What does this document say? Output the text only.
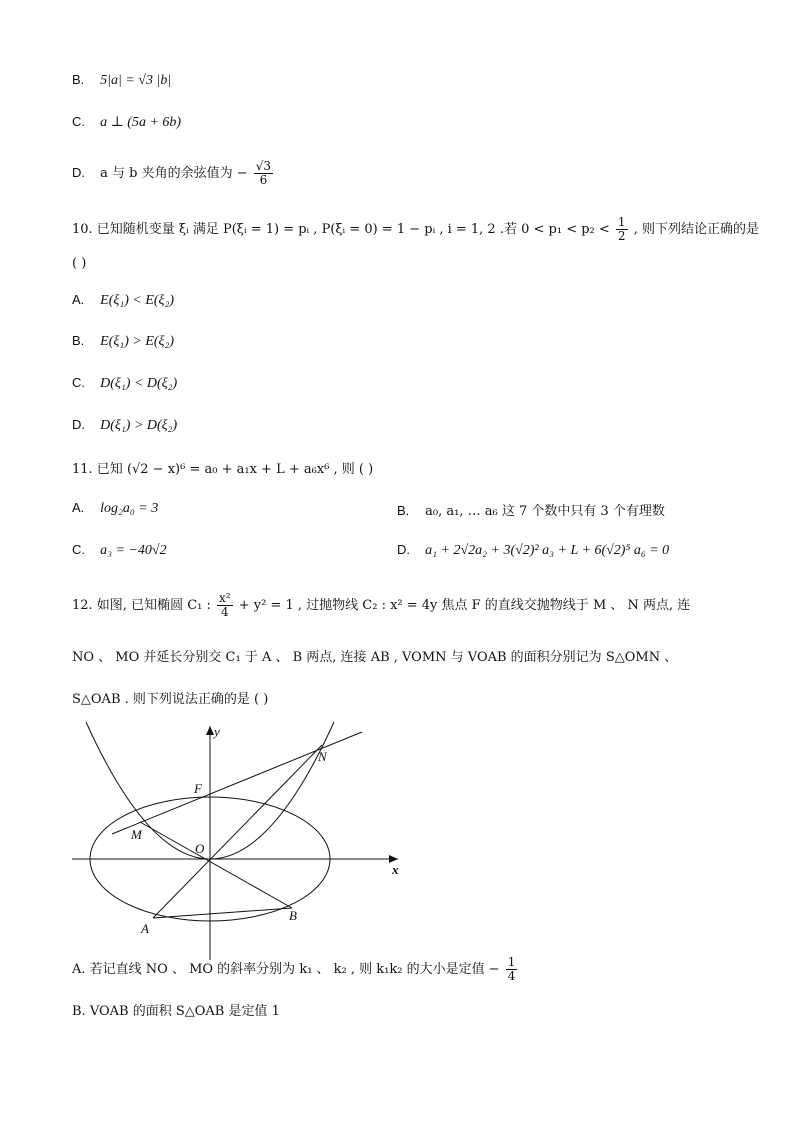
B. 5|a| = √3 |b|
C. a ⊥ (5a + 6b)
D. a 与 b 夹角的余弦值为 − $\frac{√3}{6}$
10. 已知随机变量 ξᵢ 满足 P(ξᵢ = 1) = pᵢ , P(ξᵢ = 0) = 1 − pᵢ , i = 1, 2 .若 $0 < p_1 < p_2 < \frac{1}{2}$ , 则下列结论正确的是
( )
A. E(ξ₁) < E(ξ₂)
B. E(ξ₁) > E(ξ₂)
C. D(ξ₁) < D(ξ₂)
D. D(ξ₁) > D(ξ₂)
11. 已知 (√2 − x)⁶ = a₀ + a₁x + L + a₆x⁶ , 则 ( )
A. log₂a₀ = 3	B. a₀, a₁, … a₆ 这 7 个数中只有 3 个有理数
C. a₃ = −40√2	D. a₁ + 2√2a₂ + 3(√2)² a₃ + L + 6(√2)⁵ a₆ = 0
12. 如图, 已知椭圆 C₁ : $\frac{\text{x²}}{4} + y^2 = 1$ , 过抛物线 C₂ : x² = 4y 焦点 F 的直线交抛物线于 M 、 N 两点, 连
NO 、 MO 并延长分别交 C₁ 于 A 、 B 两点, 连接 AB , VOMN 与 VOAB 的面积分别记为 S△OMN 、
S△OAB . 则下列说法正确的是 ( )
y
x
F
N
M
O
A
B
A. 若记直线 NO 、 MO 的斜率分别为 k₁ 、 k₂ , 则 k₁k₂ 的大小是定值 − $\frac{1}{4}$
B. VOAB 的面积 S△OAB 是定值 1
